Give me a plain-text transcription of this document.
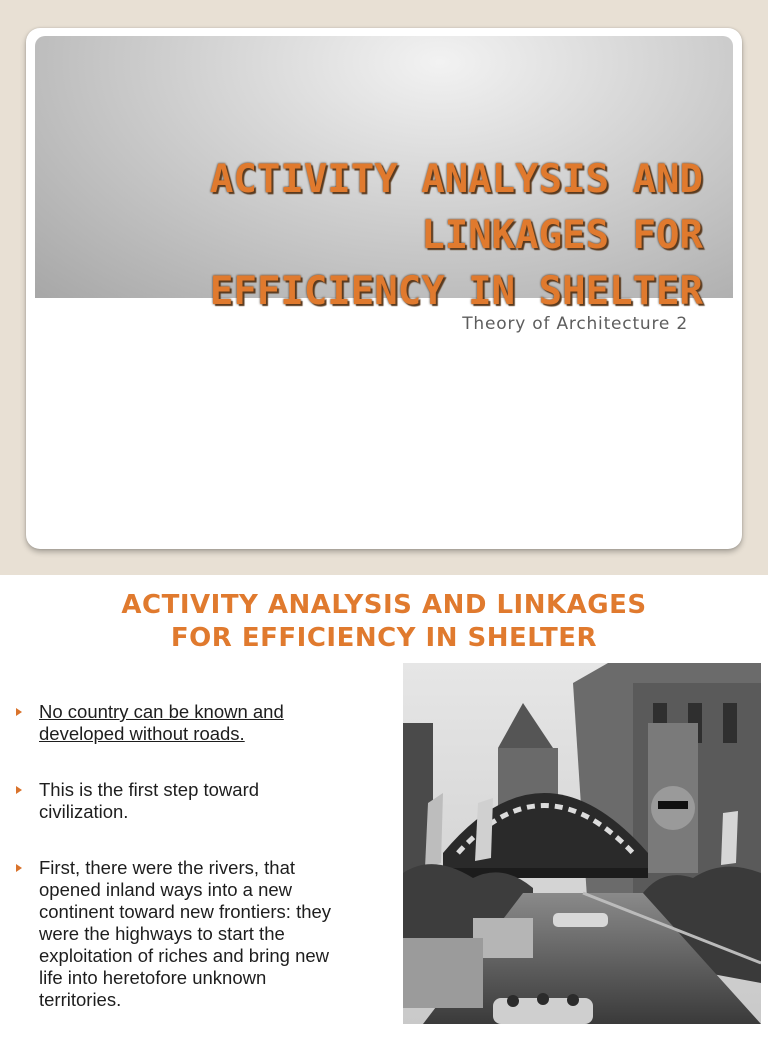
ACTIVITY ANALYSIS AND
LINKAGES FOR
EFFICIENCY IN SHELTER
Theory of Architecture 2
ACTIVITY ANALYSIS AND LINKAGES
FOR EFFICIENCY IN SHELTER
No country can be known and developed without roads.
This is the first step toward civilization.
First, there were the rivers, that opened inland ways into a new continent toward new frontiers: they were the highways to start the exploitation of riches and bring new life into heretofore unknown territories.
